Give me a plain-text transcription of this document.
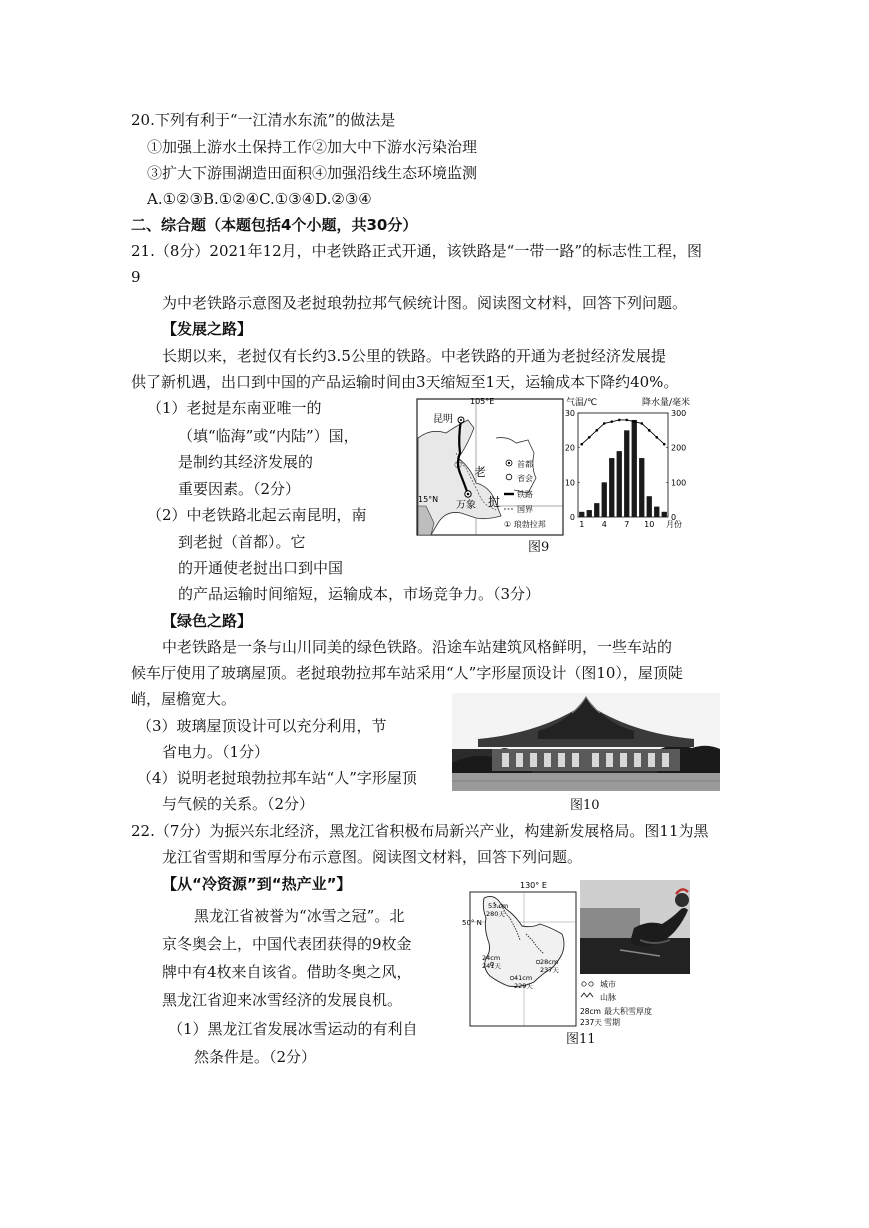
20.下列有利于“一江清水东流”的做法是
①加强上游水土保持工作②加大中下游水污染治理
③扩大下游围湖造田面积④加强沿线生态环境监测
A.①②③B.①②④C.①③④D.②③④
二、综合题（本题包括4个小题，共30分）
21.（8分）2021年12月，中老铁路正式开通，该铁路是“一带一路”的标志性工程，图
9
为中老铁路示意图及老挝琅勃拉邦气候统计图。阅读图文材料，回答下列问题。
【发展之路】
长期以来，老挝仅有长约3.5公里的铁路。中老铁路的开通为老挝经济发展提
供了新机遇，出口到中国的产品运输时间由3天缩短至1天，运输成本下降约40%。
（1）老挝是东南亚唯一的
（填“临海”或“内陆”）国，
是制约其经济发展的
重要因素。（2分）
（2）中老铁路北起云南昆明，南
到老挝（首都）。它
的开通使老挝出口到中国
的产品运输时间缩短，运输成本，市场竞争力。（3分）
昆明
105°E
15°N
① 老
挝
万象
首都
省会
铁路
国界
① 琅勃拉邦
气温/℃	降水量/毫米
0
10
20
30
0
100
200
300
1 4 7 10 月份
图9
【绿色之路】
中老铁路是一条与山川同美的绿色铁路。沿途车站建筑风格鲜明，一些车站的
候车厅使用了玻璃屋顶。老挝琅勃拉邦车站采用“人”字形屋顶设计（图10），屋顶陡
峭，屋檐宽大。
（3）玻璃屋顶设计可以充分利用，节
省电力。（1分）
（4）说明老挝琅勃拉邦车站“人”字形屋顶
与气候的关系。（2分）	图10
22.（7分）为振兴东北经济，黑龙江省积极布局新兴产业，构建新发展格局。图11为黑
龙江省雪期和雪厚分布示意图。阅读图文材料，回答下列问题。
【从“冷资源”到“热产业”】
黑龙江省被誉为“冰雪之冠”。北
京冬奥会上，中国代表团获得的9枚金
牌中有4枚来自该省。借助冬奥之风，
黑龙江省迎来冰雪经济的发展良机。
（1）黑龙江省发展冰雪运动的有利自
然条件是。（2分）
130° E
50° N
53 cm
280天
24cm
241天
41cm
229天
28cm
237天
城市
山脉
28cm 最大积雪厚度
237天 雪期
图11
